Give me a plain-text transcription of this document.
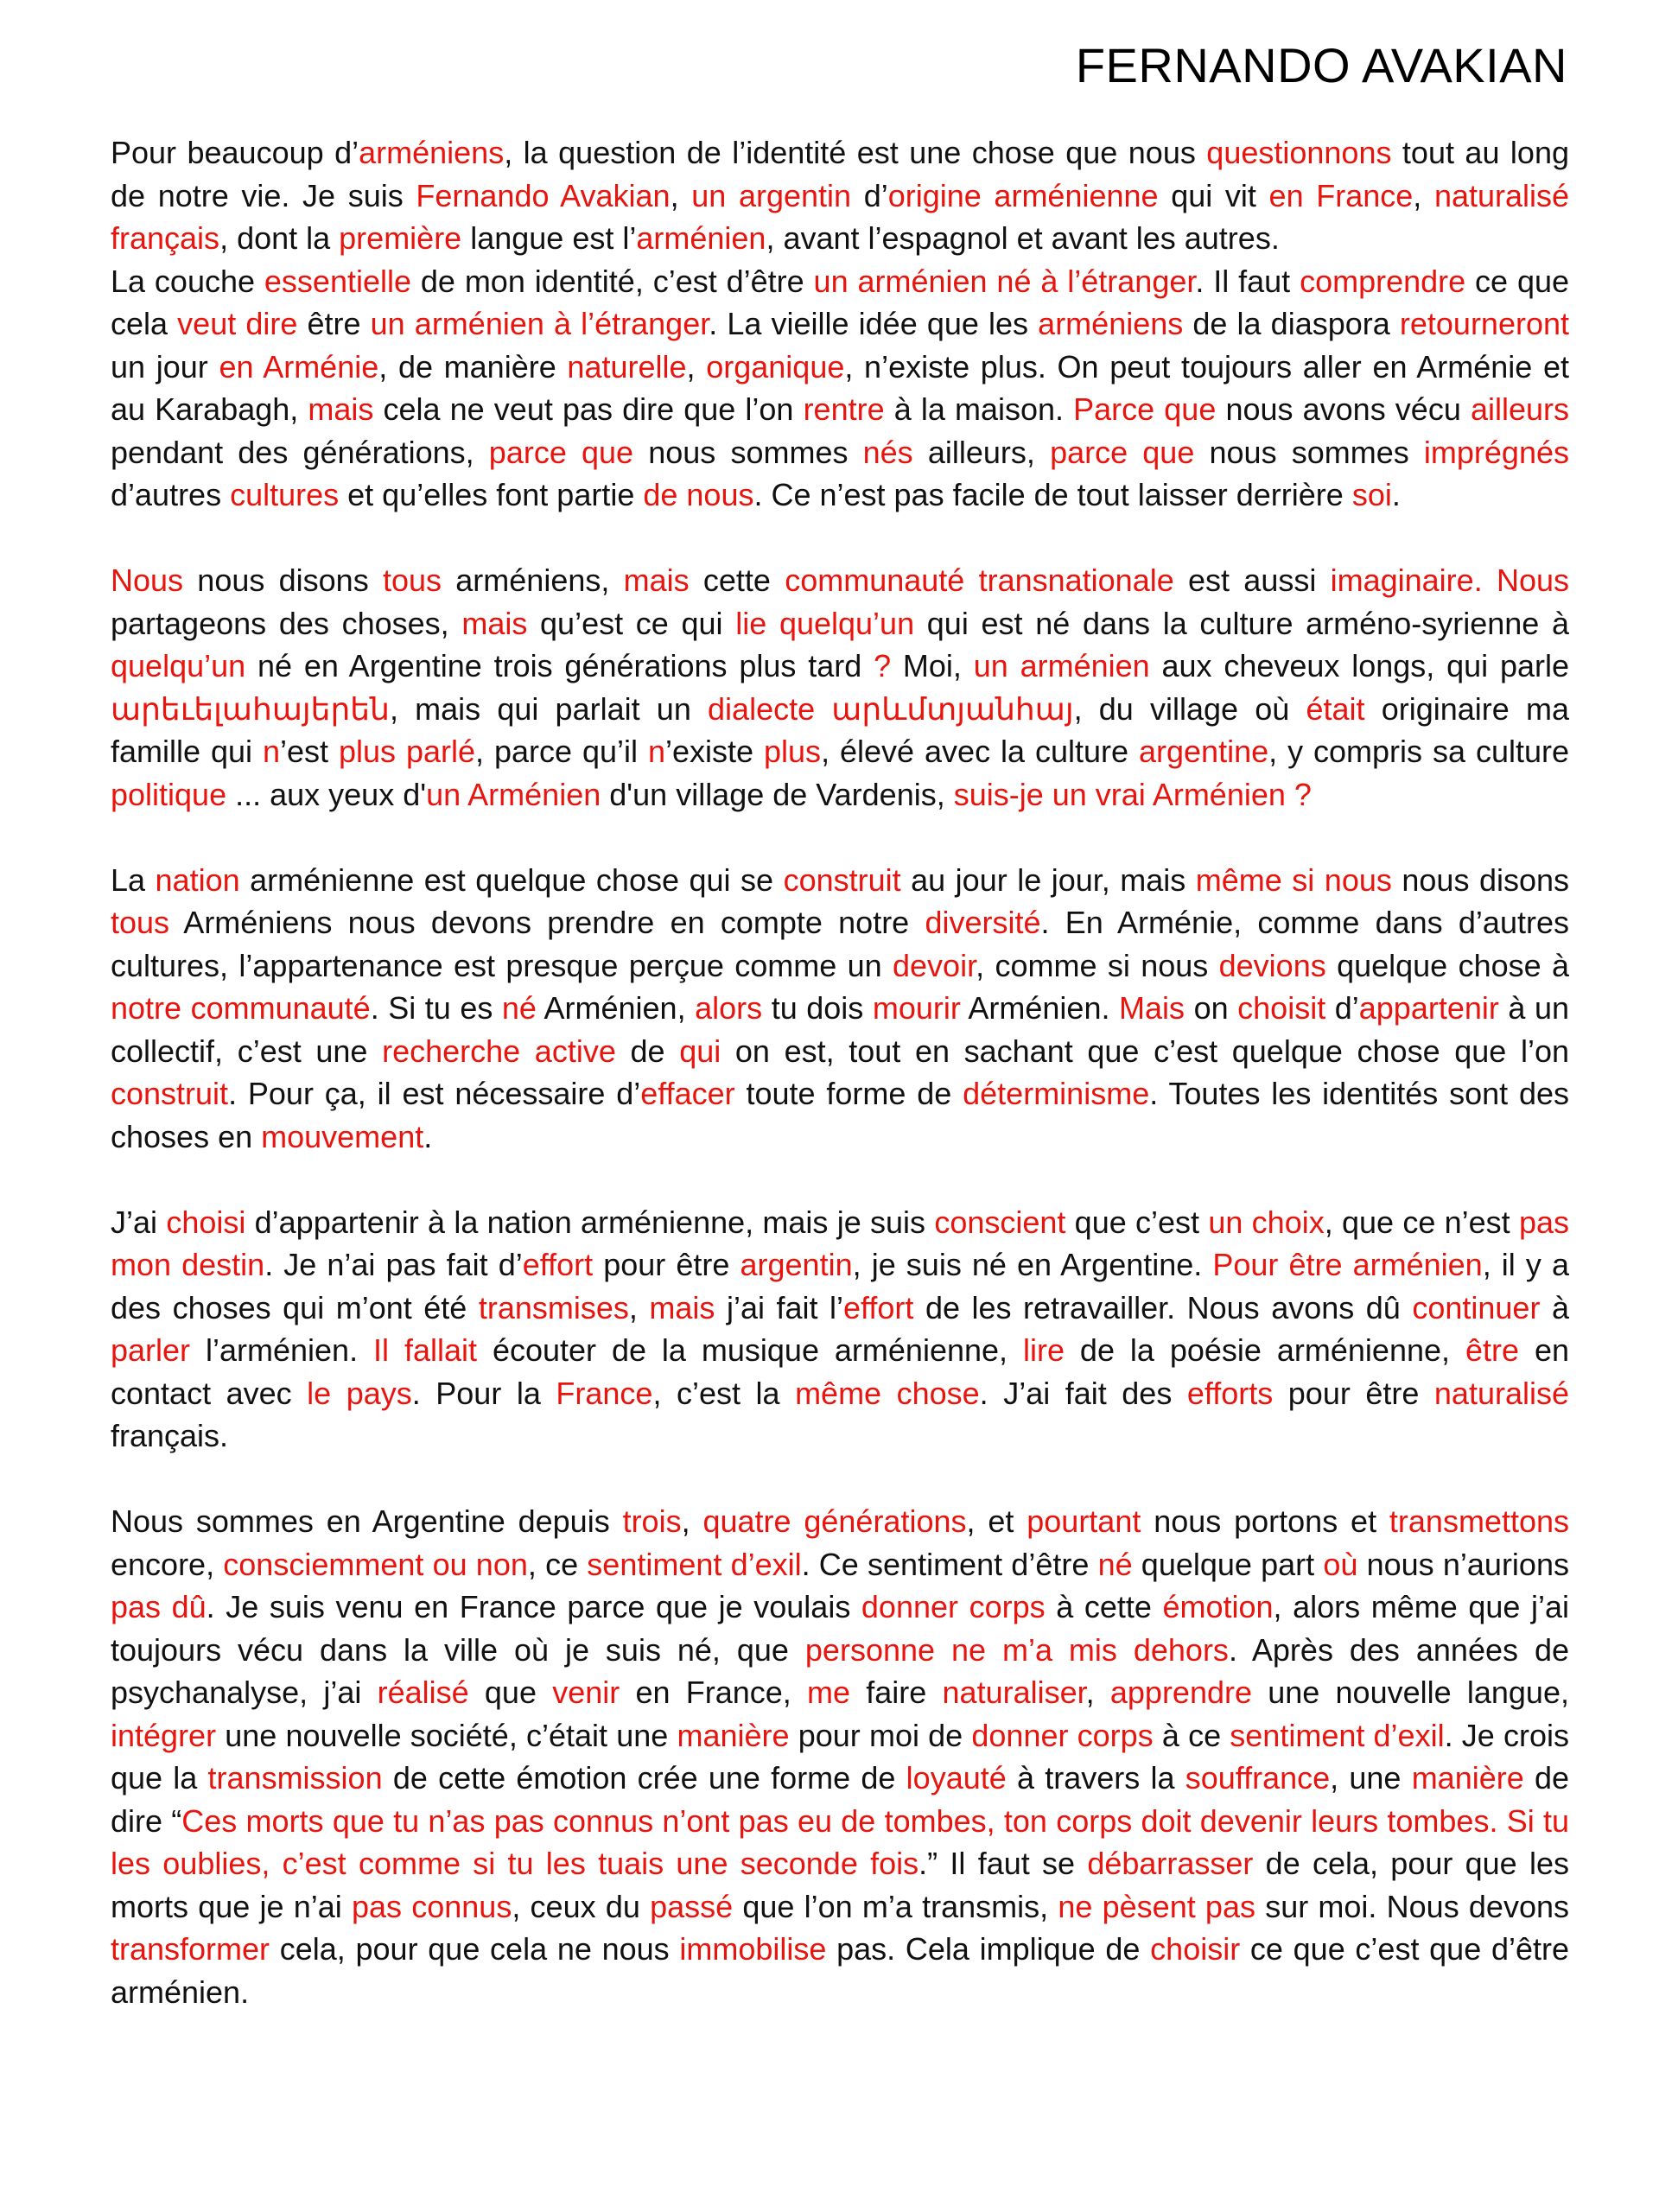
FERNANDO AVAKIAN

Pour beaucoup d’arméniens, la question de l’identité est une chose que nous questionnons tout au long de notre vie. Je suis Fernando Avakian, un argentin d’origine arménienne qui vit en France, naturalisé français, dont la première langue est l’arménien, avant l’espagnol et avant les autres.

La couche essentielle de mon identité, c’est d’être un arménien né à l’étranger. Il faut comprendre ce que cela veut dire être un arménien à l’étranger. La vieille idée que les arméniens de la diaspora retourneront un jour en Arménie, de manière naturelle, organique, n’existe plus. On peut toujours aller en Arménie et au Karabagh, mais cela ne veut pas dire que l’on rentre à la maison. Parce que nous avons vécu ailleurs pendant des générations, parce que nous sommes nés ailleurs, parce que nous sommes imprégnés d’autres cultures et qu’elles font partie de nous. Ce n’est pas facile de tout laisser derrière soi.

Nous nous disons tous arméniens, mais cette communauté transnationale est aussi imaginaire. Nous partageons des choses, mais qu’est ce qui lie quelqu’un qui est né dans la culture arméno-syrienne à quelqu’un né en Argentine trois générations plus tard ? Moi, un arménien aux cheveux longs, qui parle արեւելահայերեն, mais qui parlait un dialecte արևմտյանհայ, du village où était originaire ma famille qui n’est plus parlé, parce qu’il n’existe plus, élevé avec la culture argentine, y compris sa culture politique ... aux yeux d'un Arménien d'un village de Vardenis, suis-je un vrai Arménien ?

La nation arménienne est quelque chose qui se construit au jour le jour, mais même si nous nous disons tous Arméniens nous devons prendre en compte notre diversité. En Arménie, comme dans d’autres cultures, l’appartenance est presque perçue comme un devoir, comme si nous devions quelque chose à notre communauté. Si tu es né Arménien, alors tu dois mourir Arménien. Mais on choisit d’appartenir à un collectif, c’est une recherche active de qui on est, tout en sachant que c’est quelque chose que l’on construit. Pour ça, il est nécessaire d’effacer toute forme de déterminisme. Toutes les identités sont des choses en mouvement.

J’ai choisi d’appartenir à la nation arménienne, mais je suis conscient que c’est un choix, que ce n’est pas mon destin. Je n’ai pas fait d’effort pour être argentin, je suis né en Argentine. Pour être arménien, il y a des choses qui m’ont été transmises, mais j’ai fait l’effort de les retravailler. Nous avons dû continuer à parler l’arménien. Il fallait écouter de la musique arménienne, lire de la poésie arménienne, être en contact avec le pays. Pour la France, c’est la même chose. J’ai fait des efforts pour être naturalisé français.

Nous sommes en Argentine depuis trois, quatre générations, et pourtant nous portons et transmettons encore, consciemment ou non, ce sentiment d’exil. Ce sentiment d’être né quelque part où nous n’aurions pas dû. Je suis venu en France parce que je voulais donner corps à cette émotion, alors même que j’ai toujours vécu dans la ville où je suis né, que personne ne m’a mis dehors. Après des années de psychanalyse, j’ai réalisé que venir en France, me faire naturaliser, apprendre une nouvelle langue, intégrer une nouvelle société, c’était une manière pour moi de donner corps à ce sentiment d’exil. Je crois que la transmission de cette émotion crée une forme de loyauté à travers la souffrance, une manière de dire “Ces morts que tu n’as pas connus n’ont pas eu de tombes, ton corps doit devenir leurs tombes. Si tu les oublies, c’est comme si tu les tuais une seconde fois.” Il faut se débarrasser de cela, pour que les morts que je n’ai pas connus, ceux du passé que l’on m’a transmis, ne pèsent pas sur moi. Nous devons transformer cela, pour que cela ne nous immobilise pas. Cela implique de choisir ce que c’est que d’être arménien.
